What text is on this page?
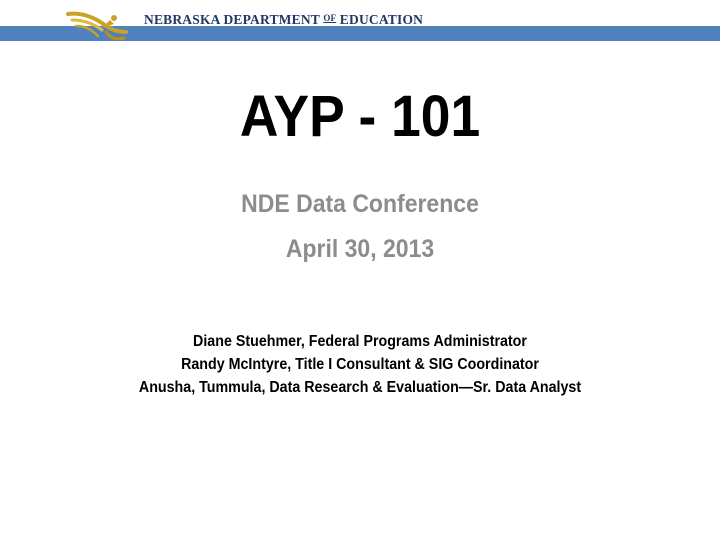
NEBRASKA DEPARTMENT $^{OF}$ EDUCATION
AYP - 101
NDE Data Conference
April 30, 2013
Diane Stuehmer, Federal Programs Administrator
Randy McIntyre, Title I Consultant & SIG Coordinator
Anusha, Tummula, Data Research & Evaluation—Sr. Data Analyst
